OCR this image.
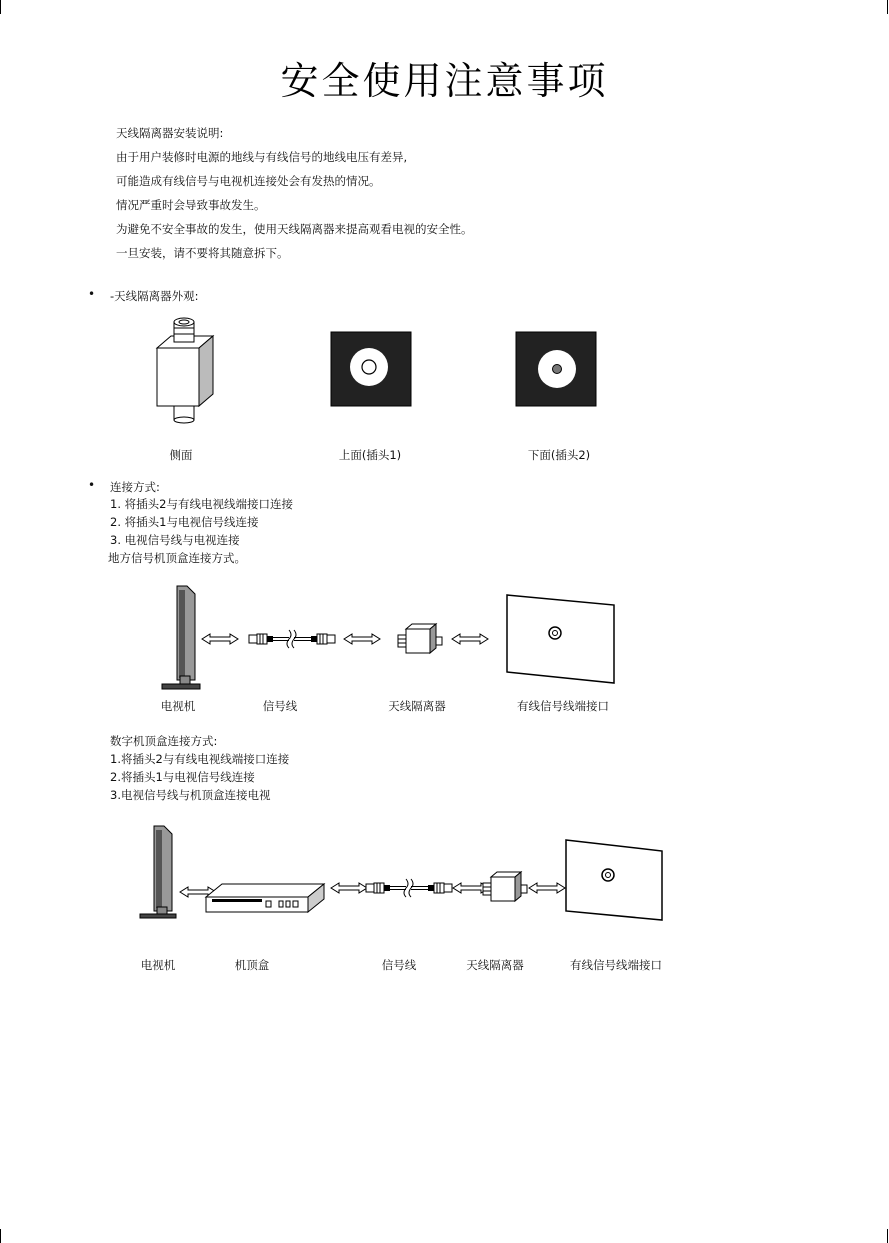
安全使用注意事项
天线隔离器安装说明:
由于用户装修时电源的地线与有线信号的地线电压有差异,
可能造成有线信号与电视机连接处会有发热的情况。
情况严重时会导致事故发生。
为避免不安全事故的发生，使用天线隔离器来提高观看电视的安全性。
一旦安装，请不要将其随意拆下。
• -天线隔离器外观:
侧面	上面(插头1)	下面(插头2)
• 连接方式:
1. 将插头2与有线电视线端接口连接
2. 将插头1与电视信号线连接
3. 电视信号线与电视连接
地方信号机顶盒连接方式。
电视机	信号线	天线隔离器	有线信号线端接口
数字机顶盒连接方式:
1.将插头2与有线电视线端接口连接
2.将插头1与电视信号线连接
3.电视信号线与机顶盒连接电视
电视机	机顶盒	信号线	天线隔离器	有线信号线端接口
